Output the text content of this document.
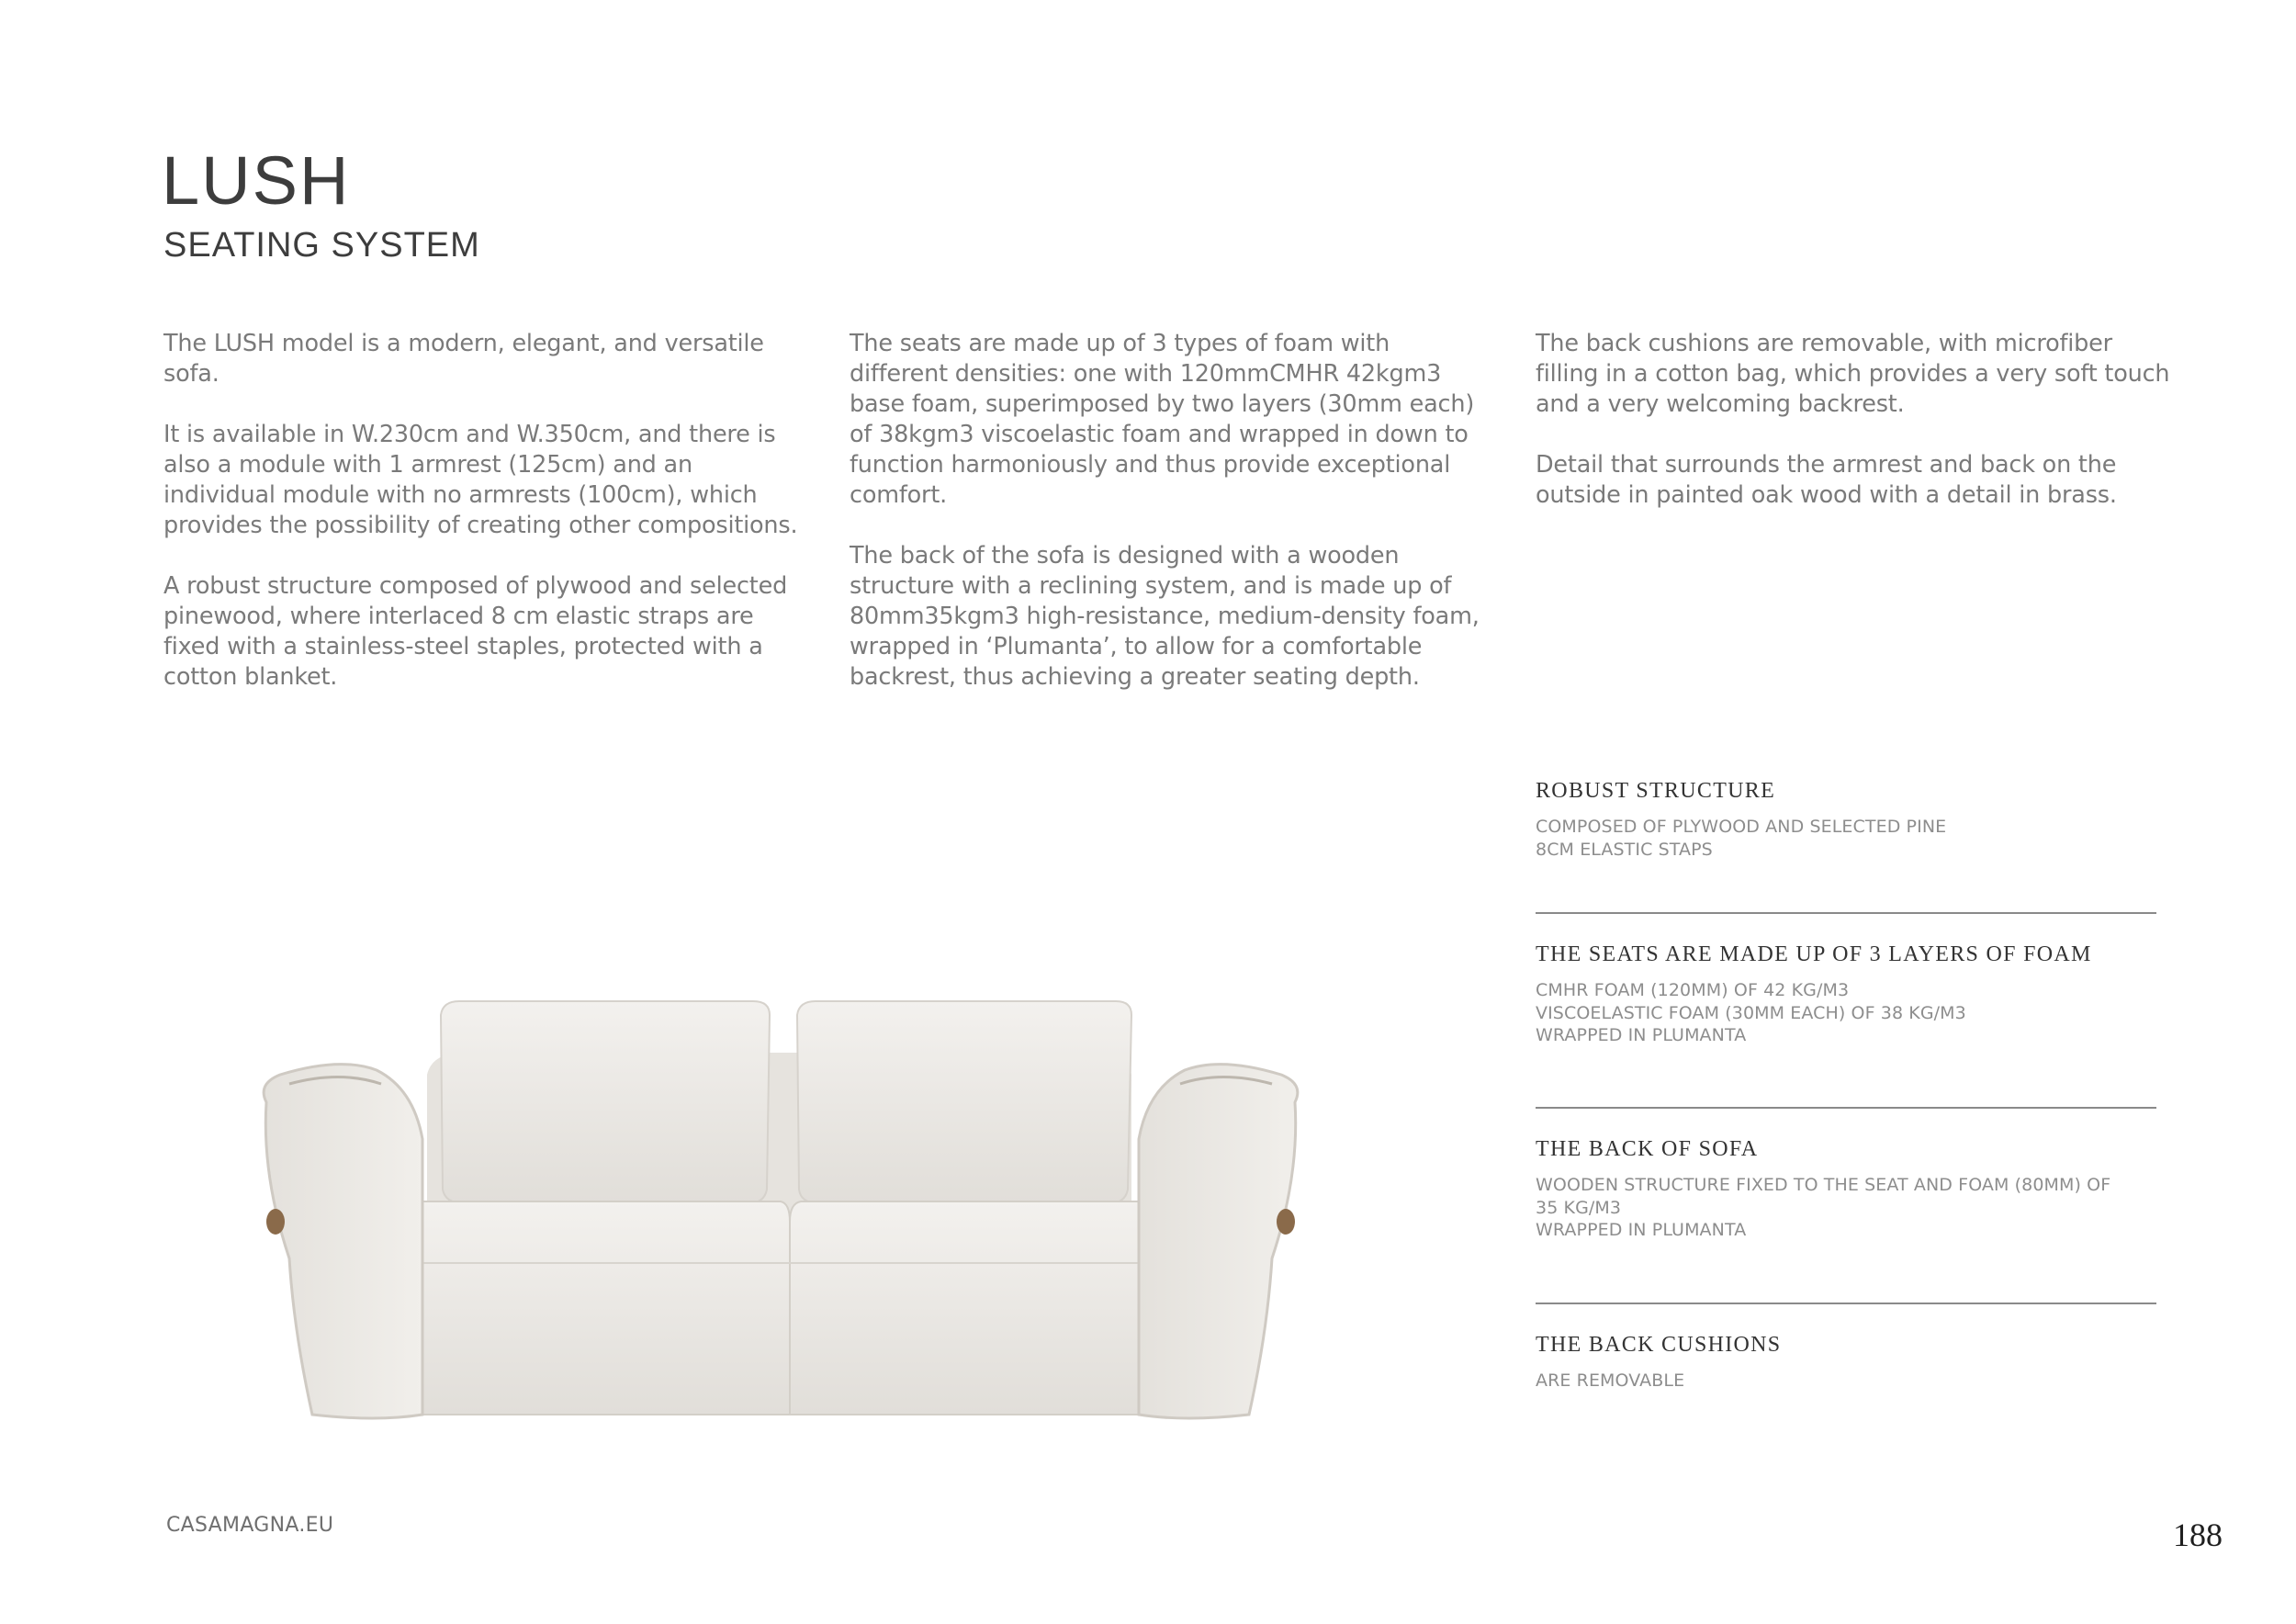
LUSH
SEATING SYSTEM

The LUSH model is a modern, elegant, and versatile sofa.

It is available in W.230cm and W.350cm, and there is also a module with 1 armrest (125cm) and an individual module with no armrests (100cm), which provides the possibility of creating other compositions.

A robust structure composed of plywood and selected pinewood, where interlaced 8 cm elastic straps are fixed with a stainless-steel staples, protected with a cotton blanket.

The seats are made up of 3 types of foam with different densities: one with 120mmCMHR 42kgm3 base foam, superimposed by two layers (30mm each) of 38kgm3 viscoelastic foam and wrapped in down to function harmoniously and thus provide exceptional comfort.

The back of the sofa is designed with a wooden structure with a reclining system, and is made up of 80mm35kgm3 high-resistance, medium-density foam, wrapped in ‘Plumanta’, to allow for a comfortable backrest, thus achieving a greater seating depth.

The back cushions are removable, with microfiber filling in a cotton bag, which provides a very soft touch and a very welcoming backrest.

Detail that surrounds the armrest and back on the outside in painted oak wood with a detail in brass.

ROBUST STRUCTURE
COMPOSED OF PLYWOOD AND SELECTED PINE
8CM ELASTIC STAPS
THE SEATS ARE MADE UP OF 3 LAYERS OF FOAM
CMHR FOAM (120MM) OF 42 KG/M3
VISCOELASTIC FOAM (30MM EACH) OF 38 KG/M3
WRAPPED IN PLUMANTA
THE BACK OF SOFA
WOODEN STRUCTURE FIXED TO THE SEAT AND FOAM (80MM) OF
35 KG/M3
WRAPPED IN PLUMANTA
THE BACK CUSHIONS
ARE REMOVABLE
CASAMAGNA.EU	188
